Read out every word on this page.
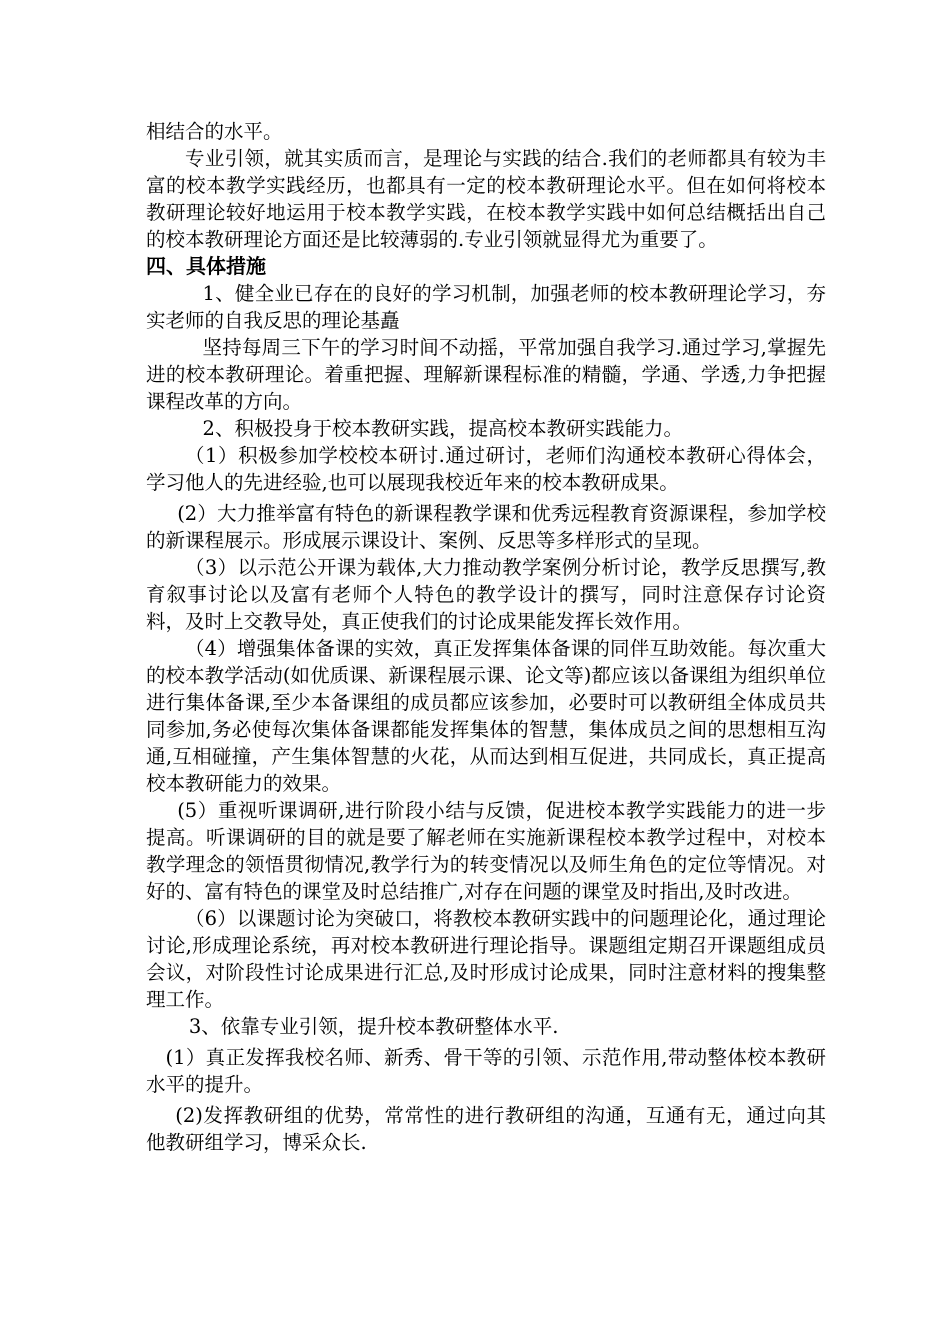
相结合的水平。

专业引领，就其实质而言，是理论与实践的结合.我们的老师都具有较为丰富的校本教学实践经历，也都具有一定的校本教研理论水平。但在如何将校本教研理论较好地运用于校本教学实践，在校本教学实践中如何总结概括出自己的校本教研理论方面还是比较薄弱的.专业引领就显得尤为重要了。

四、具体措施

1、健全业已存在的良好的学习机制，加强老师的校本教研理论学习，夯实老师的自我反思的理论基矗

坚持每周三下午的学习时间不动摇，平常加强自我学习.通过学习,掌握先进的校本教研理论。着重把握、理解新课程标准的精髓，学通、学透,力争把握课程改革的方向。

2、积极投身于校本教研实践，提高校本教研实践能力。

（1）积极参加学校校本研讨.通过研讨，老师们沟通校本教研心得体会，学习他人的先进经验,也可以展现我校近年来的校本教研成果。

(2）大力推举富有特色的新课程教学课和优秀远程教育资源课程，参加学校的新课程展示。形成展示课设计、案例、反思等多样形式的呈现。

（3）以示范公开课为载体,大力推动教学案例分析讨论，教学反思撰写,教育叙事讨论以及富有老师个人特色的教学设计的撰写，同时注意保存讨论资料，及时上交教导处，真正使我们的讨论成果能发挥长效作用。

（4）增强集体备课的实效，真正发挥集体备课的同伴互助效能。每次重大的校本教学活动(如优质课、新课程展示课、论文等)都应该以备课组为组织单位进行集体备课,至少本备课组的成员都应该参加，必要时可以教研组全体成员共同参加,务必使每次集体备课都能发挥集体的智慧，集体成员之间的思想相互沟通,互相碰撞，产生集体智慧的火花，从而达到相互促进，共同成长，真正提高校本教研能力的效果。

(5）重视听课调研,进行阶段小结与反馈，促进校本教学实践能力的进一步提高。听课调研的目的就是要了解老师在实施新课程校本教学过程中，对校本教学理念的领悟贯彻情况,教学行为的转变情况以及师生角色的定位等情况。对好的、富有特色的课堂及时总结推广,对存在问题的课堂及时指出,及时改进。

（6）以课题讨论为突破口，将教校本教研实践中的问题理论化，通过理论讨论,形成理论系统，再对校本教研进行理论指导。课题组定期召开课题组成员会议，对阶段性讨论成果进行汇总,及时形成讨论成果，同时注意材料的搜集整理工作。

3、依靠专业引领，提升校本教研整体水平.

(1）真正发挥我校名师、新秀、骨干等的引领、示范作用,带动整体校本教研水平的提升。

(2)发挥教研组的优势，常常性的进行教研组的沟通，互通有无，通过向其他教研组学习，博采众长.
